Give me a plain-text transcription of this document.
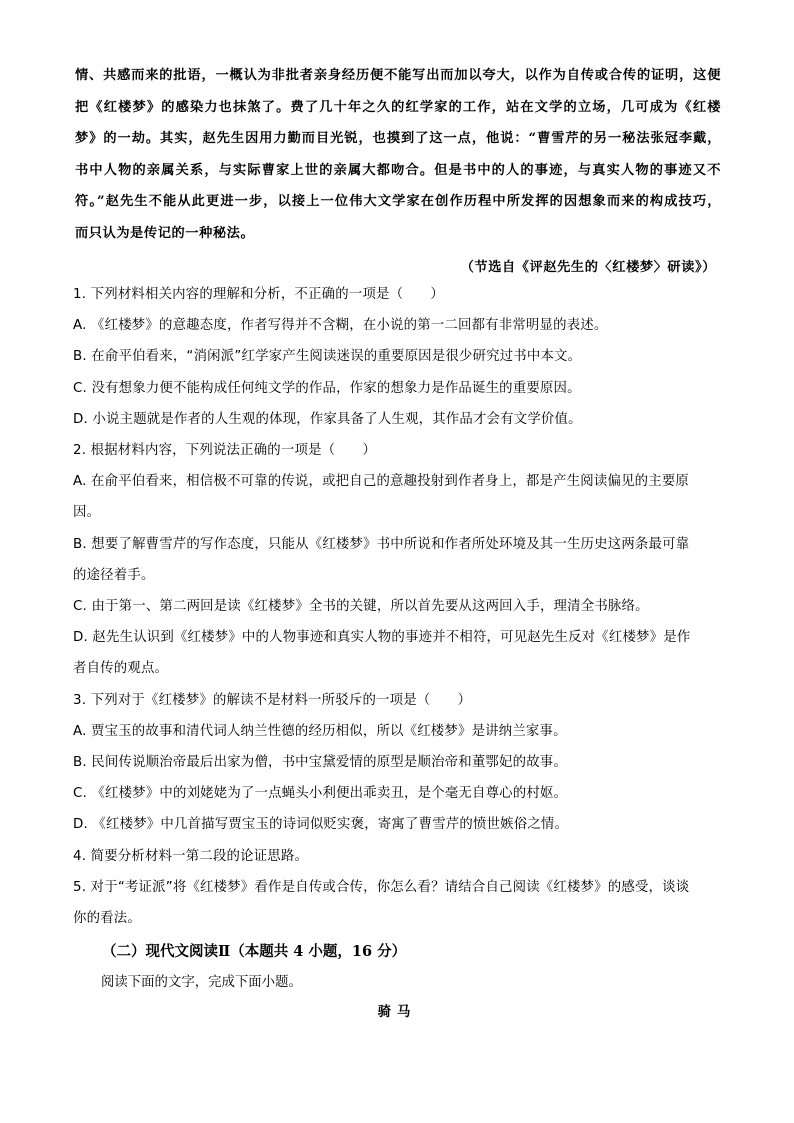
情、共感而来的批语，一概认为非批者亲身经历便不能写出而加以夸大，以作为自传或合传的证明，这便
把《红楼梦》的感染力也抹煞了。费了几十年之久的红学家的工作，站在文学的立场，几可成为《红楼
梦》的一劫。其实，赵先生因用力勤而目光锐，也摸到了这一点，他说：“曹雪芹的另一秘法张冠李戴，
书中人物的亲属关系，与实际曹家上世的亲属大都吻合。但是书中的人的事迹，与真实人物的事迹又不
符。”赵先生不能从此更进一步，以接上一位伟大文学家在创作历程中所发挥的因想象而来的构成技巧，
而只认为是传记的一种秘法。
（节选自《评赵先生的〈红楼梦〉研读》）
1. 下列材料相关内容的理解和分析，不正确的一项是（　　）
A. 《红楼梦》的意趣态度，作者写得并不含糊，在小说的第一二回都有非常明显的表述。
B. 在俞平伯看来，“消闲派”红学家产生阅读迷误的重要原因是很少研究过书中本文。
C. 没有想象力便不能构成任何纯文学的作品，作家的想象力是作品诞生的重要原因。
D. 小说主题就是作者的人生观的体现，作家具备了人生观，其作品才会有文学价值。
2. 根据材料内容，下列说法正确的一项是（　　）
A. 在俞平伯看来，相信极不可靠的传说，或把自己的意趣投射到作者身上，都是产生阅读偏见的主要原
因。
B. 想要了解曹雪芹的写作态度，只能从《红楼梦》书中所说和作者所处环境及其一生历史这两条最可靠
的途径着手。
C. 由于第一、第二两回是读《红楼梦》全书的关键，所以首先要从这两回入手，理清全书脉络。
D. 赵先生认识到《红楼梦》中的人物事迹和真实人物的事迹并不相符，可见赵先生反对《红楼梦》是作
者自传的观点。
3. 下列对于《红楼梦》的解读不是材料一所驳斥的一项是（　　）
A. 贾宝玉的故事和清代词人纳兰性德的经历相似，所以《红楼梦》是讲纳兰家事。
B. 民间传说顺治帝最后出家为僧，书中宝黛爱情的原型是顺治帝和董鄂妃的故事。
C. 《红楼梦》中的刘姥姥为了一点蝇头小利便出乖卖丑，是个毫无自尊心的村妪。
D. 《红楼梦》中几首描写贾宝玉的诗词似贬实褒，寄寓了曹雪芹的愤世嫉俗之情。
4. 简要分析材料一第二段的论证思路。
5. 对于“考证派”将《红楼梦》看作是自传或合传，你怎么看？请结合自己阅读《红楼梦》的感受，谈谈
你的看法。
（二）现代文阅读Ⅱ（本题共 4 小题，16 分）
阅读下面的文字，完成下面小题。
骑马
